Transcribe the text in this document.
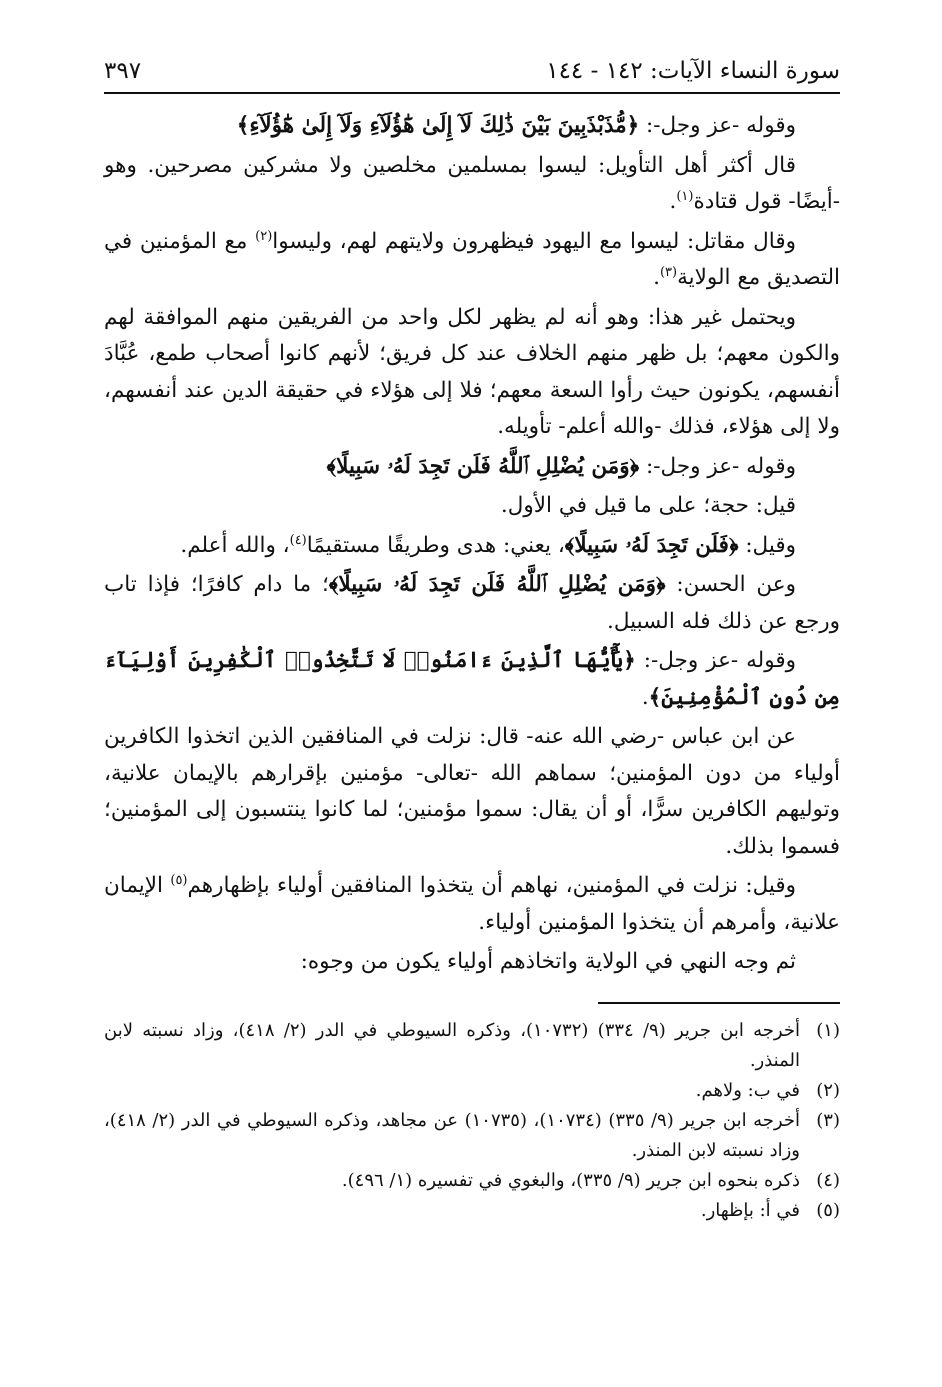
سورة النساء الآيات: ١٤٢ - ١٤٤
٣٩٧

وقوله -عز وجل-: ﴿مُّذَبْذَبِينَ بَيْنَ ذَٰلِكَ لَآ إِلَىٰ هَٰٓؤُلَآءِ وَلَآ إِلَىٰ هَٰٓؤُلَآءِ﴾

قال أكثر أهل التأويل: ليسوا بمسلمين مخلصين ولا مشركين مصرحين. وهو -أيضًا- قول قتادة$^{(١)}$.

وقال مقاتل: ليسوا مع اليهود فيظهرون ولايتهم لهم، وليسوا$^{(٢)}$ مع المؤمنين في التصديق مع الولاية$^{(٣)}$.

ويحتمل غير هذا: وهو أنه لم يظهر لكل واحد من الفريقين منهم الموافقة لهم والكون معهم؛ بل ظهر منهم الخلاف عند كل فريق؛ لأنهم كانوا أصحاب طمع، عُبَّادَ أنفسهم، يكونون حيث رأوا السعة معهم؛ فلا إلى هؤلاء في حقيقة الدين عند أنفسهم، ولا إلى هؤلاء، فذلك -والله أعلم- تأويله.

وقوله -عز وجل-: ﴿وَمَن يُضْلِلِ ٱللَّهُ فَلَن تَجِدَ لَهُۥ سَبِيلًا﴾

قيل: حجة؛ على ما قيل في الأول.

وقيل: ﴿فَلَن تَجِدَ لَهُۥ سَبِيلًا﴾، يعني: هدى وطريقًا مستقيمًا$^{(٤)}$، والله أعلم.

وعن الحسن: ﴿وَمَن يُضْلِلِ ٱللَّهُ فَلَن تَجِدَ لَهُۥ سَبِيلًا﴾؛ ما دام كافرًا؛ فإذا تاب ورجع عن ذلك فله السبيل.

وقوله -عز وجل-: ﴿يَٰٓأَيُّهَا ٱلَّذِينَ ءَامَنُوا۟ لَا تَتَّخِذُوا۟ ٱلْكَٰفِرِينَ أَوْلِيَآءَ مِن دُونِ ٱلْمُؤْمِنِينَ﴾.

عن ابن عباس -رضي الله عنه- قال: نزلت في المنافقين الذين اتخذوا الكافرين أولياء من دون المؤمنين؛ سماهم الله -تعالى- مؤمنين بإقرارهم بالإيمان علانية، وتوليهم الكافرين سرًّا، أو أن يقال: سموا مؤمنين؛ لما كانوا ينتسبون إلى المؤمنين؛ فسموا بذلك.

وقيل: نزلت في المؤمنين، نهاهم أن يتخذوا المنافقين أولياء بإظهارهم$^{(٥)}$ الإيمان علانية، وأمرهم أن يتخذوا المؤمنين أولياء.

ثم وجه النهي في الولاية واتخاذهم أولياء يكون من وجوه:

(١)
أخرجه ابن جرير (٩/ ٣٣٤) (١٠٧٣٢)، وذكره السيوطي في الدر (٢/ ٤١٨)، وزاد نسبته لابن المنذر.
(٢)
في ب: ولاهم.
(٣)
أخرجه ابن جرير (٩/ ٣٣٥) (١٠٧٣٤)، (١٠٧٣٥) عن مجاهد، وذكره السيوطي في الدر (٢/ ٤١٨)، وزاد نسبته لابن المنذر.
(٤)
ذكره بنحوه ابن جرير (٩/ ٣٣٥)، والبغوي في تفسيره (١/ ٤٩٦).
(٥)
في أ: بإظهار.
